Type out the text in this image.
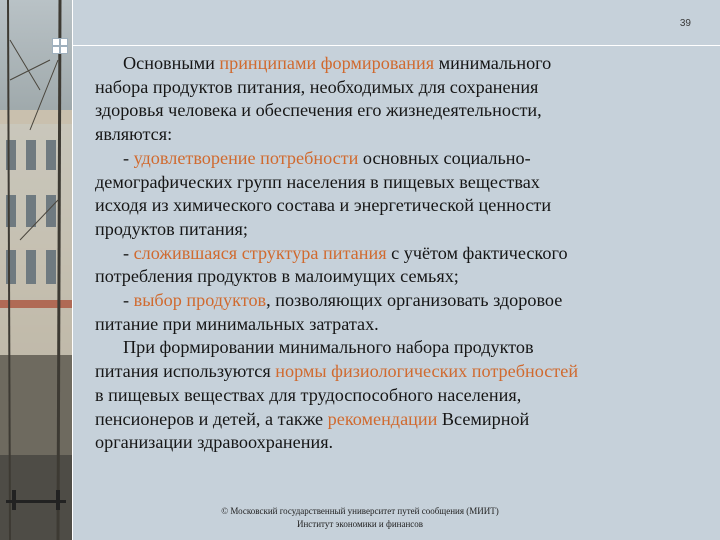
39
Основными принципами формирования минимального
набора продуктов питания, необходимых для сохранения
здоровья человека и обеспечения его жизнедеятельности,
являются:
- удовлетворение потребности основных социально-
демографических групп населения в пищевых веществах
исходя из химического состава и энергетической ценности
продуктов питания;
- сложившаяся структура питания с учётом фактического
потребления продуктов в малоимущих семьях;
- выбор продуктов, позволяющих организовать здоровое
питание при минимальных затратах.
При формировании минимального набора продуктов
питания используются нормы физиологических потребностей
в пищевых веществах для трудоспособного населения,
пенсионеров и детей, а также рекомендации Всемирной
организации здравоохранения.
© Московский государственный университет путей сообщения (МИИТ)
Институт экономики и финансов
